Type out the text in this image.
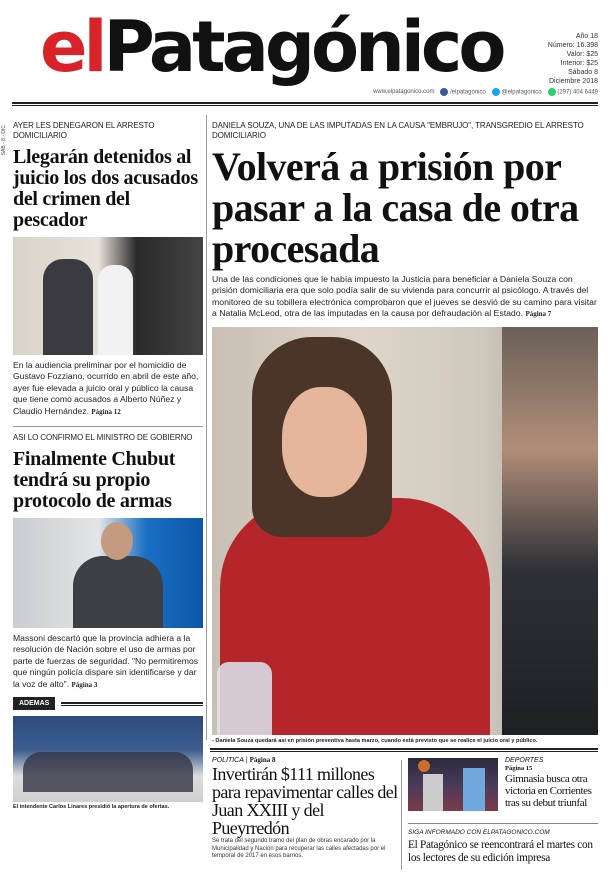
elPatagónico	Año 18
Número: 16.398
Valor: $25
Interior: $25
Sábado 8
Diciembre 2018
www.elpatagonico.com	/elpatagonico	@elpatagonico	(297) 404 6449
SAB - 8 - DIC AYER LES DENEGARON EL ARRESTO DOMICILIARIO
Llegarán detenidos al juicio los dos acusados del crimen del pescador
En la audiencia preliminar por el homicidio de Gustavo Fozziano, ocurrido en abril de este año, ayer fue elevada a juicio oral y público la causa que tiene como acusados a Alberto Núñez y Claudio Hernández. Página 12
ASI LO CONFIRMO EL MINISTRO DE GOBIERNO
Finalmente Chubut tendrá su propio protocolo de armas
Massoni descartó que la provincia adhiera a la resolución de Nación sobre el uso de armas por parte de fuerzas de seguridad. "No permitiremos que ningún policía dispare sin identificarse y dar la voz de alto". Página 3
ADEMAS
El intendente Carlos Linares presidió la apertura de ofertas.
DANIELA SOUZA, UNA DE LAS IMPUTADAS EN LA CAUSA "EMBRUJO", TRANSGREDIO EL ARRESTO DOMICILIARIO
Volverá a prisión por pasar a la casa de otra procesada
Una de las condiciones que le había impuesto la Justicia para beneficiar a Daniela Souza con prisión domiciliaria era que solo podía salir de su vivienda para concurrir al psicólogo. A través del monitoreo de su tobillera electrónica comprobaron que el jueves se desvió de su camino para visitar a Natalia McLeod, otra de las imputadas en la causa por defraudación al Estado. Página 7
- Daniela Souza quedará así en prisión preventiva hasta marzo, cuando está previsto que se realice el juicio oral y público.
POLITICA | Página 8
Invertirán $111 millones para repavimentar calles del Juan XXIII y del Pueyrredón
Se trata del segundo tramo del plan de obras encarado por la Municipalidad y Nación para recuperar las calles afectadas por el temporal de 2017 en esos barrios.
DEPORTES
Página 15
Gimnasia busca otra victoria en Corrientes tras su debut triunfal
SIGA INFORMADO CON ELPATAGONICO.COM
El Patagónico se reencontrará el martes con los lectores de su edición impresa
